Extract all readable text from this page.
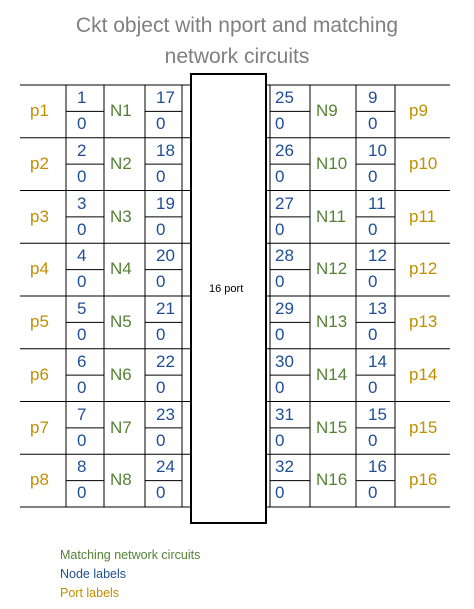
Ckt object with nport and matching
network circuits
p1
1
0
N1
17
0
p2
2
0
N2
18
0
p3
3
0
N3
19
0
p4
4
0
N4
20
0
p5
5
0
N5
21
0
p6
6
0
N6
22
0
p7
7
0
N7
23
0
p8
8
0
N8
24
0
25
0
N9
9
0
p9
26
0
N10
10
0
p10
27
0
N11
11
0
p11
28
0
N12
12
0
p12
29
0
N13
13
0
p13
30
0
N14
14
0
p14
31
0
N15
15
0
p15
32
0
N16
16
0
p16
16 port
Matching network circuits
Node labels
Port labels
